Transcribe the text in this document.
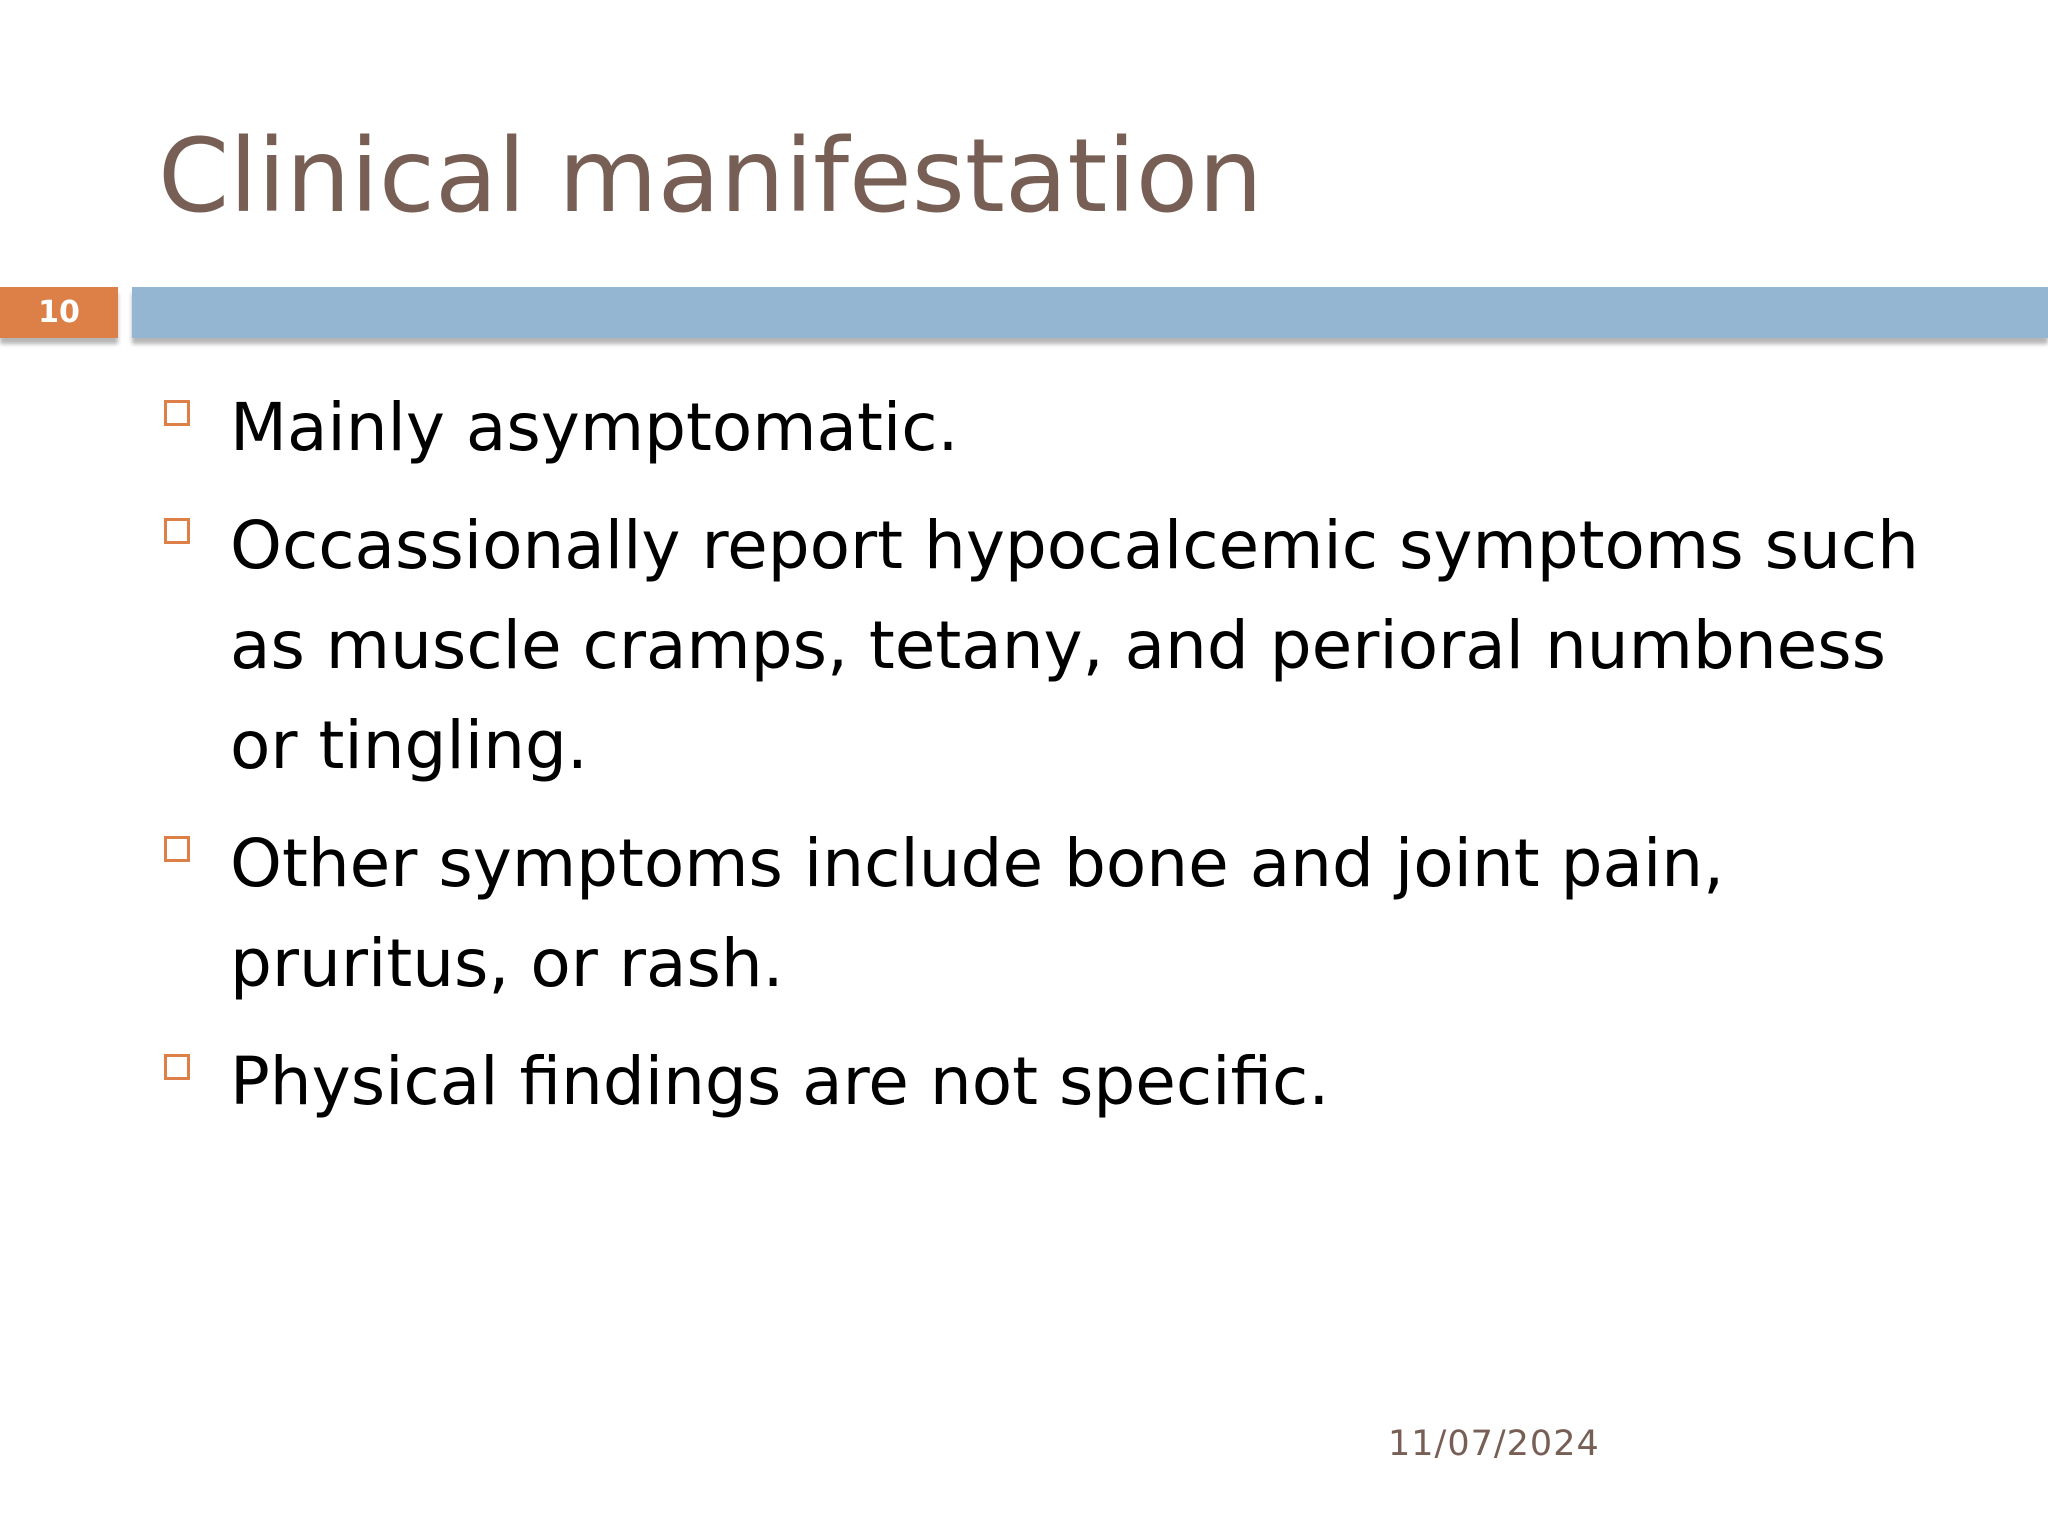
Clinical manifestation
10
Mainly asymptomatic.
Occassionally report hypocalcemic symptoms such as muscle cramps, tetany, and perioral numbness or tingling.
Other symptoms include bone and joint pain, pruritus, or rash.
Physical findings are not specific.
11/07/2024
